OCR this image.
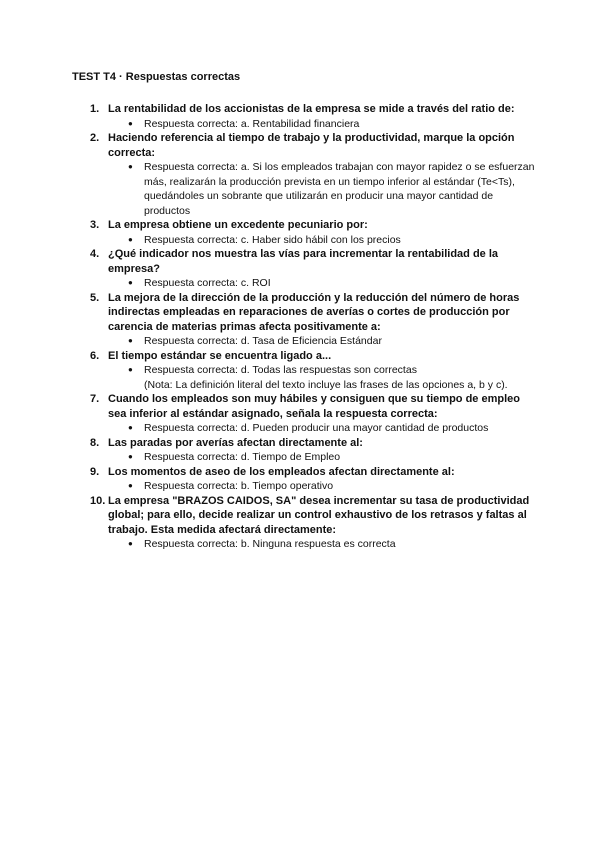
TEST T4 · Respuestas correctas
1. La rentabilidad de los accionistas de la empresa se mide a través del ratio de:
● Respuesta correcta: a. Rentabilidad financiera
2. Haciendo referencia al tiempo de trabajo y la productividad, marque la opción correcta:
● Respuesta correcta: a. Si los empleados trabajan con mayor rapidez o se esfuerzan más, realizarán la producción prevista en un tiempo inferior al estándar (Te<Ts), quedándoles un sobrante que utilizarán en producir una mayor cantidad de productos
3. La empresa obtiene un excedente pecuniario por:
● Respuesta correcta: c. Haber sido hábil con los precios
4. ¿Qué indicador nos muestra las vías para incrementar la rentabilidad de la empresa?
● Respuesta correcta: c. ROI
5. La mejora de la dirección de la producción y la reducción del número de horas indirectas empleadas en reparaciones de averías o cortes de producción por carencia de materias primas afecta positivamente a:
● Respuesta correcta: d. Tasa de Eficiencia Estándar
6. El tiempo estándar se encuentra ligado a...
● Respuesta correcta: d. Todas las respuestas son correctas
(Nota: La definición literal del texto incluye las frases de las opciones a, b y c).
7. Cuando los empleados son muy hábiles y consiguen que su tiempo de empleo sea inferior al estándar asignado, señala la respuesta correcta:
● Respuesta correcta: d. Pueden producir una mayor cantidad de productos
8. Las paradas por averías afectan directamente al:
● Respuesta correcta: d. Tiempo de Empleo
9. Los momentos de aseo de los empleados afectan directamente al:
● Respuesta correcta: b. Tiempo operativo
10. La empresa "BRAZOS CAIDOS, SA" desea incrementar su tasa de productividad global; para ello, decide realizar un control exhaustivo de los retrasos y faltas al trabajo. Esta medida afectará directamente:
● Respuesta correcta: b. Ninguna respuesta es correcta
